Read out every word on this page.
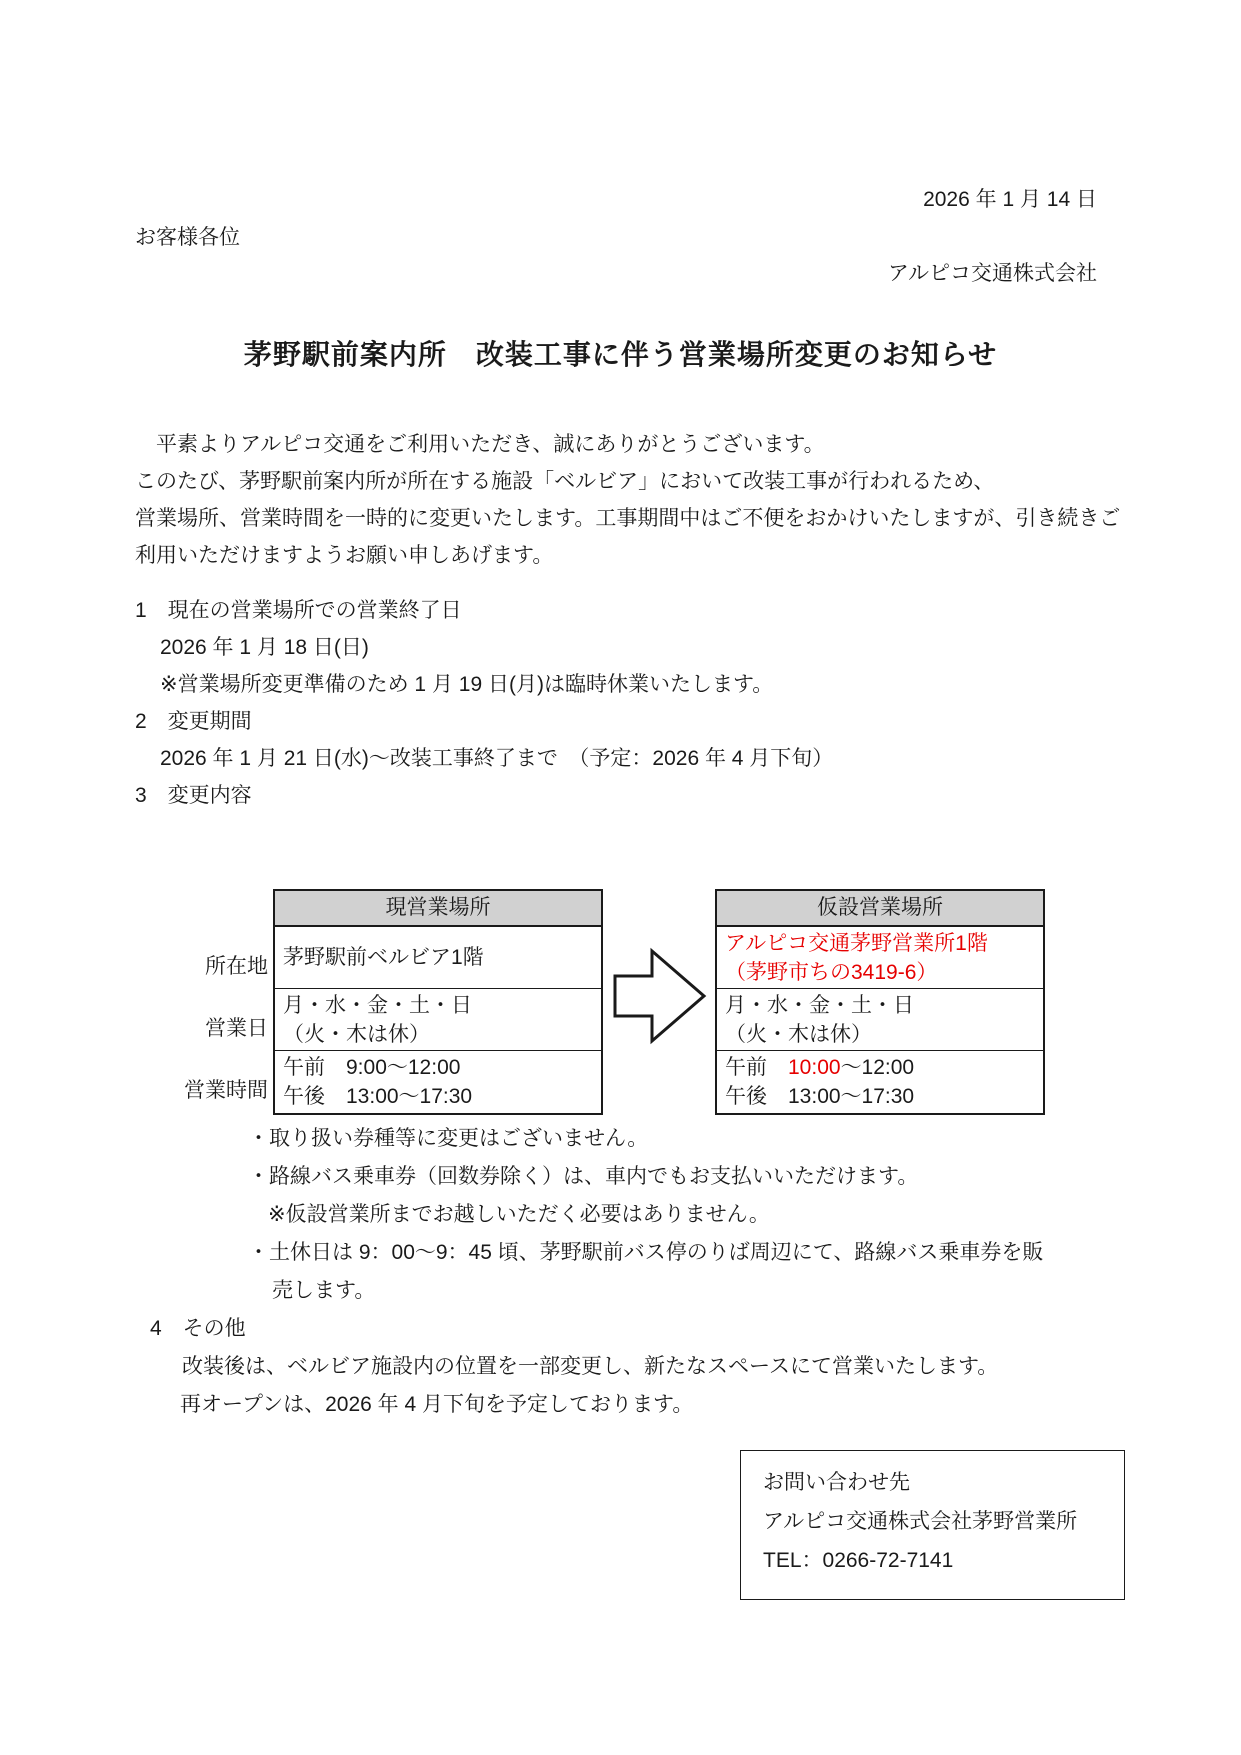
2026 年 1 月 14 日
お客様各位
アルピコ交通株式会社
茅野駅前案内所　改装工事に伴う営業場所変更のお知らせ
　平素よりアルピコ交通をご利用いただき、誠にありがとうございます。
このたび、茅野駅前案内所が所在する施設「ベルビア」において改装工事が行われるため、
営業場所、営業時間を一時的に変更いたします。工事期間中はご不便をおかけいたしますが、引き続きご
利用いただけますようお願い申しあげます。
1　現在の営業場所での営業終了日
2026 年 1 月 18 日(日)
※営業場所変更準備のため 1 月 19 日(月)は臨時休業いたします。
2　変更期間
2026 年 1 月 21 日(水)～改装工事終了まで　（予定：2026 年 4 月下旬）
3　変更内容
所在地
営業日
営業時間
現営業場所
茅野駅前ベルビア1階
月・水・金・土・日
（火・木は休）
午前　9:00～12:00
午後　13:00～17:30
仮設営業場所
アルピコ交通茅野営業所1階
（茅野市ちの3419-6）
月・水・金・土・日
（火・木は休）
午前　10:00～12:00
午後　13:00～17:30
・取り扱い券種等に変更はございません。
・路線バス乗車券（回数券除く）は、車内でもお支払いいただけます。
※仮設営業所までお越しいただく必要はありません。
・土休日は 9：00～9：45 頃、茅野駅前バス停のりば周辺にて、路線バス乗車券を販
売します。
4　その他
改装後は、ベルビア施設内の位置を一部変更し、新たなスペースにて営業いたします。
再オープンは、2026 年 4 月下旬を予定しております。
お問い合わせ先
アルピコ交通株式会社茅野営業所
TEL：0266-72-7141
